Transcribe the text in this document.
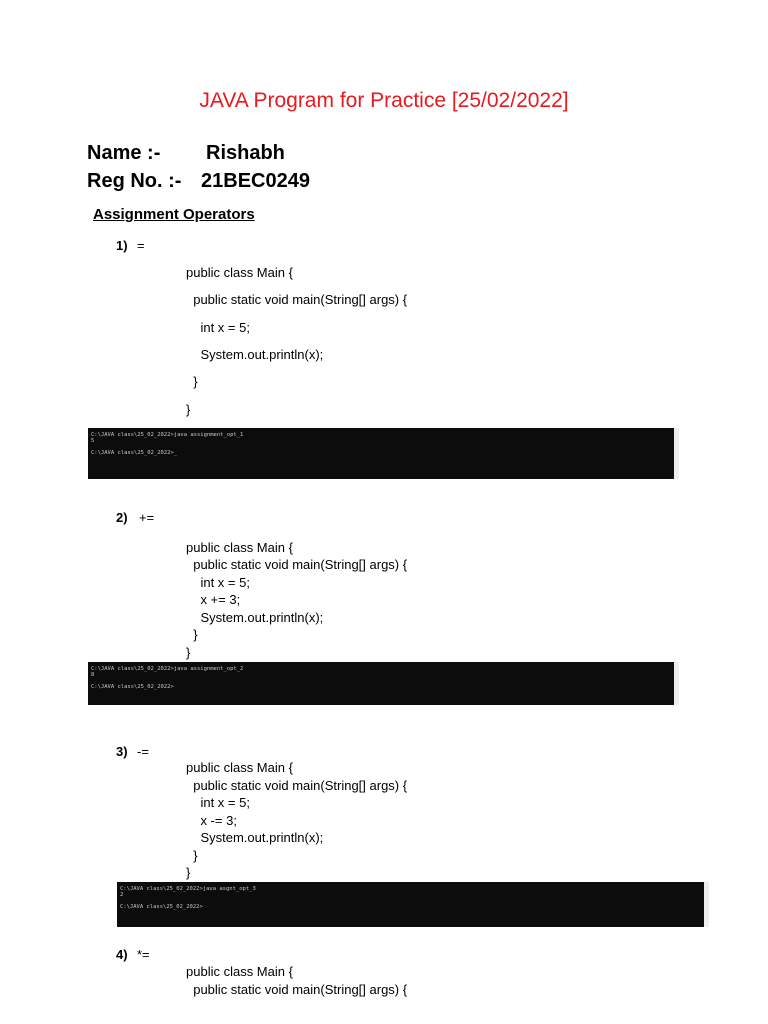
JAVA Program for Practice [25/02/2022]
Name :- Rishabh
Reg No. :- 21BEC0249
Assignment Operators
1) =
public class Main {
public static void main(String[] args) {
int x = 5;
System.out.println(x);
}
}
C:\JAVA class\25_02_2022>java assignment_opt_1
5
C:\JAVA class\25_02_2022>_
2) +=
public class Main {
public static void main(String[] args) {
int x = 5;
x += 3;
System.out.println(x);
}
}
C:\JAVA class\25_02_2022>java assignment_opt_2
8
C:\JAVA class\25_02_2022>
3) -=
public class Main {
public static void main(String[] args) {
int x = 5;
x -= 3;
System.out.println(x);
}
}
C:\JAVA class\25_02_2022>java asgnt_opt_3
2
C:\JAVA class\25_02_2022>
4) *=
public class Main {
public static void main(String[] args) {
